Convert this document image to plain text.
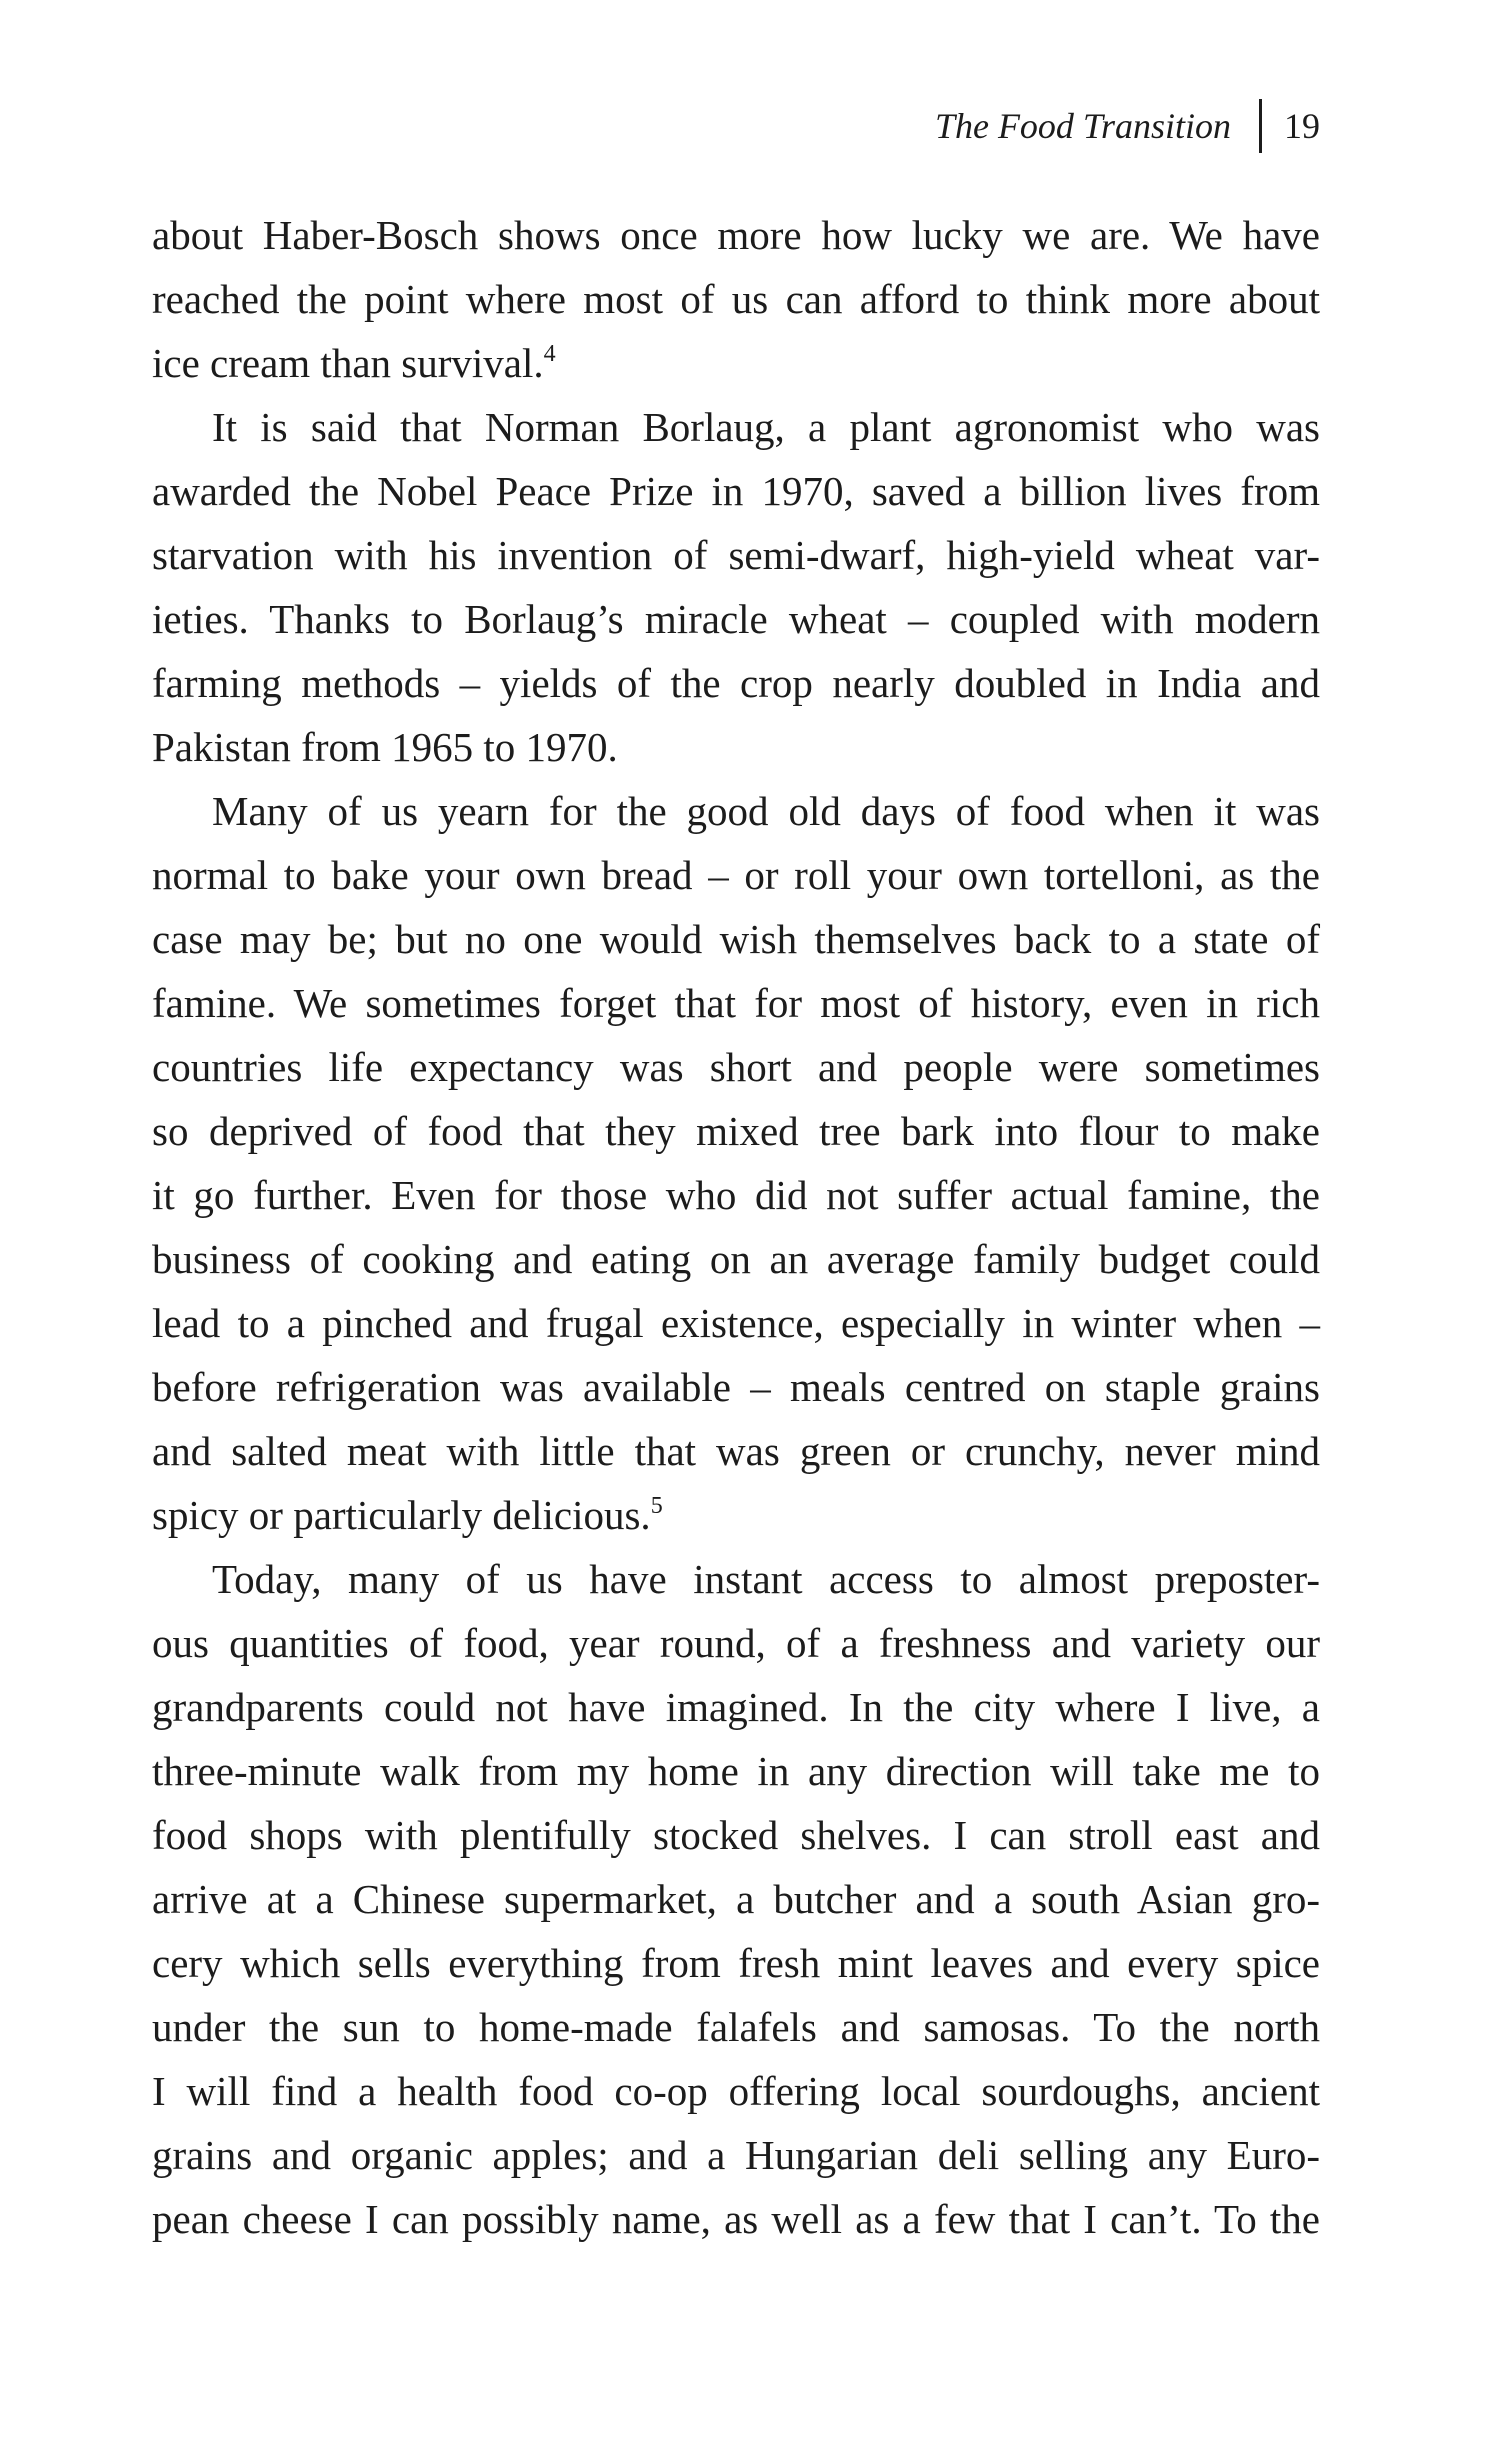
The Food Transition 19
about Haber-Bosch shows once more how lucky we are. We have
reached the point where most of us can afford to think more about
ice cream than survival.$^4$
It is said that Norman Borlaug, a plant agronomist who was
awarded the Nobel Peace Prize in 1970, saved a billion lives from
starvation with his invention of semi-dwarf, high-yield wheat var-
ieties. Thanks to Borlaug’s miracle wheat – coupled with modern
farming methods – yields of the crop nearly doubled in India and
Pakistan from 1965 to 1970.
Many of us yearn for the good old days of food when it was
normal to bake your own bread – or roll your own tortelloni, as the
case may be; but no one would wish themselves back to a state of
famine. We sometimes forget that for most of history, even in rich
countries life expectancy was short and people were sometimes
so deprived of food that they mixed tree bark into flour to make
it go further. Even for those who did not suffer actual famine, the
business of cooking and eating on an average family budget could
lead to a pinched and frugal existence, especially in winter when –
before refrigeration was available – meals centred on staple grains
and salted meat with little that was green or crunchy, never mind
spicy or particularly delicious.$^5$
Today, many of us have instant access to almost preposter-
ous quantities of food, year round, of a freshness and variety our
grandparents could not have imagined. In the city where I live, a
three-minute walk from my home in any direction will take me to
food shops with plentifully stocked shelves. I can stroll east and
arrive at a Chinese supermarket, a butcher and a south Asian gro-
cery which sells everything from fresh mint leaves and every spice
under the sun to home-made falafels and samosas. To the north
I will find a health food co-op offering local sourdoughs, ancient
grains and organic apples; and a Hungarian deli selling any Euro-
pean cheese I can possibly name, as well as a few that I can’t. To the
